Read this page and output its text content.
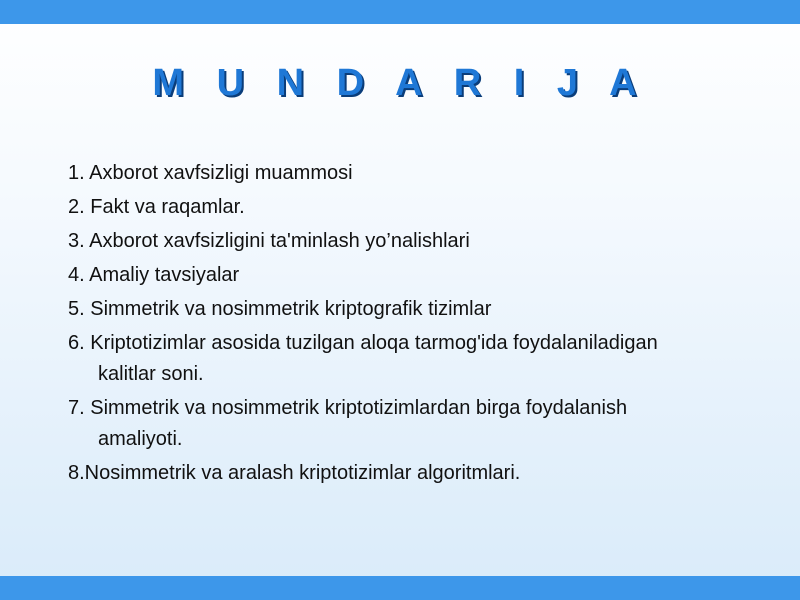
M U N D A R I J A
1. Axborot xavfsizligi muammosi
2. Fakt va raqamlar.
3. Axborot xavfsizligini ta'minlash yo’nalishlari
4. Amaliy tavsiyalar
5. Simmetrik va nosimmetrik kriptografik tizimlar
6. Kriptotizimlar asosida tuzilgan aloqa tarmog'ida foydalaniladigan
kalitlar soni.
7. Simmetrik va nosimmetrik kriptotizimlardan birga foydalanish
amaliyoti.
8.Nosimmetrik va aralash kriptotizimlar algoritmlari.
